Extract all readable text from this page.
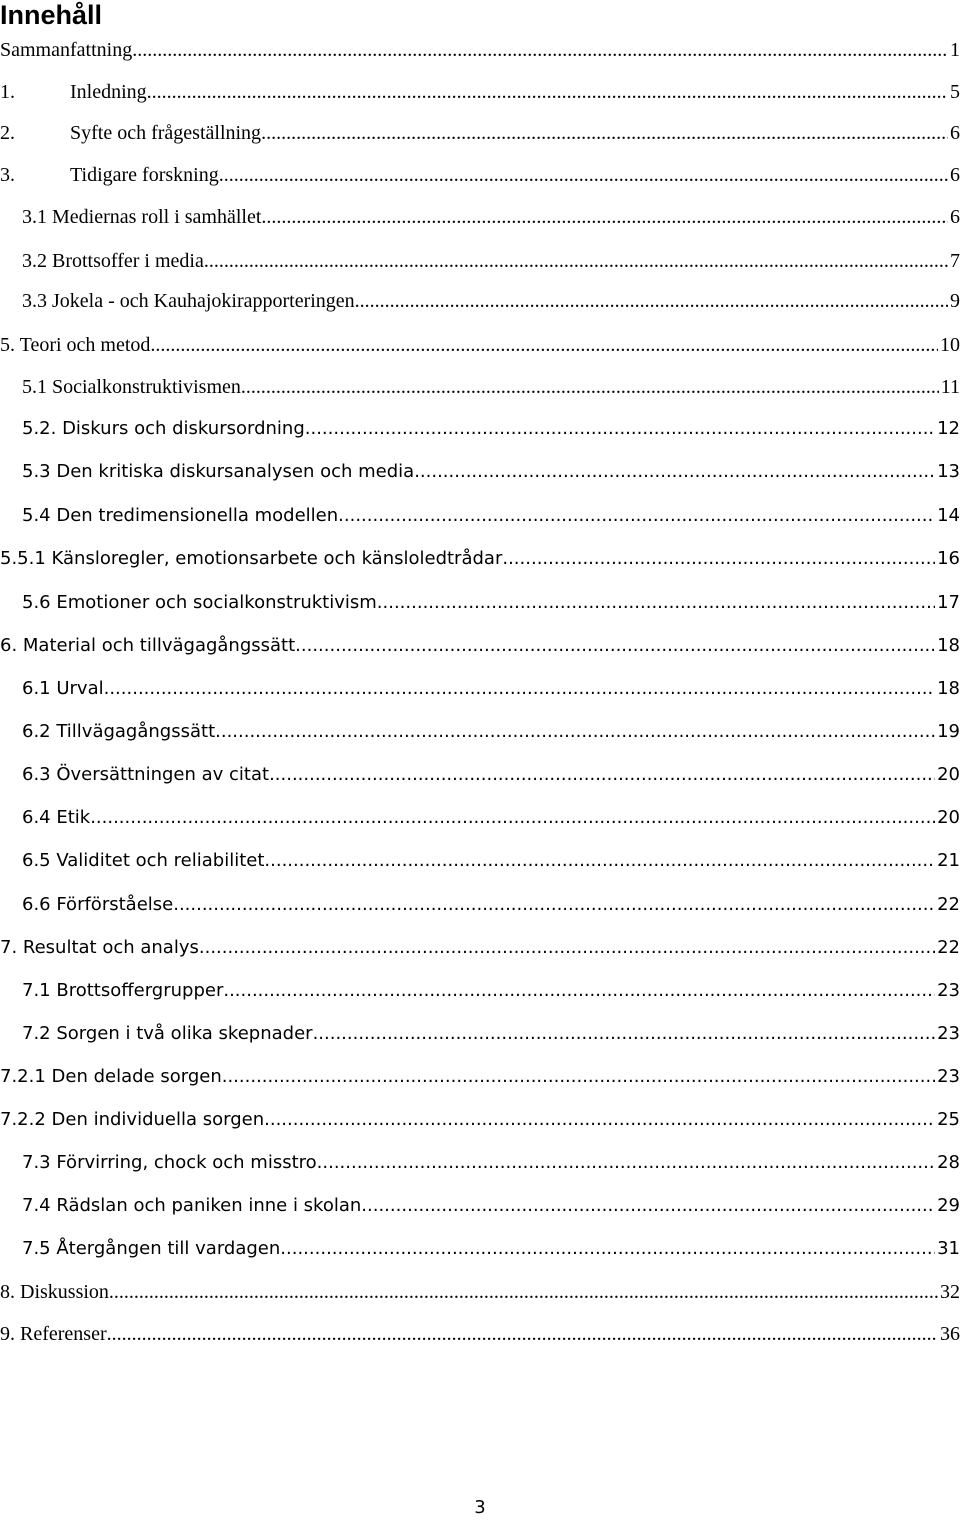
Innehåll
Sammanfattning .....	1
1.	Inledning .....	5
2.	Syfte och frågeställning .....	6
3.	Tidigare forskning .....	6
3.1 Mediernas roll i samhället .....	6
3.2 Brottsoffer i media .....	7
3.3 Jokela - och Kauhajokirapporteringen .....	9
5. Teori och metod .....	10
5.1 Socialkonstruktivismen .....	11
5.2. Diskurs och diskursordning .....	12
5.3 Den kritiska diskursanalysen och media .....	13
5.4 Den tredimensionella modellen .....	14
5.5.1 Känsloregler, emotionsarbete och känsloledtrådar .....	16
5.6 Emotioner och socialkonstruktivism .....	17
6. Material och tillvägagångssätt .....	18
6.1 Urval .....	18
6.2 Tillvägagångssätt .....	19
6.3 Översättningen av citat .....	20
6.4 Etik .....	20
6.5 Validitet och reliabilitet .....	21
6.6 Förförståelse .....	22
7. Resultat och analys .....	22
7.1 Brottsoffergrupper .....	23
7.2 Sorgen i två olika skepnader .....	23
7.2.1 Den delade sorgen .....	23
7.2.2 Den individuella sorgen .....	25
7.3 Förvirring, chock och misstro .....	28
7.4 Rädslan och paniken inne i skolan .....	29
7.5 Återgången till vardagen .....	31
8. Diskussion .....	32
9. Referenser .....	36
3
